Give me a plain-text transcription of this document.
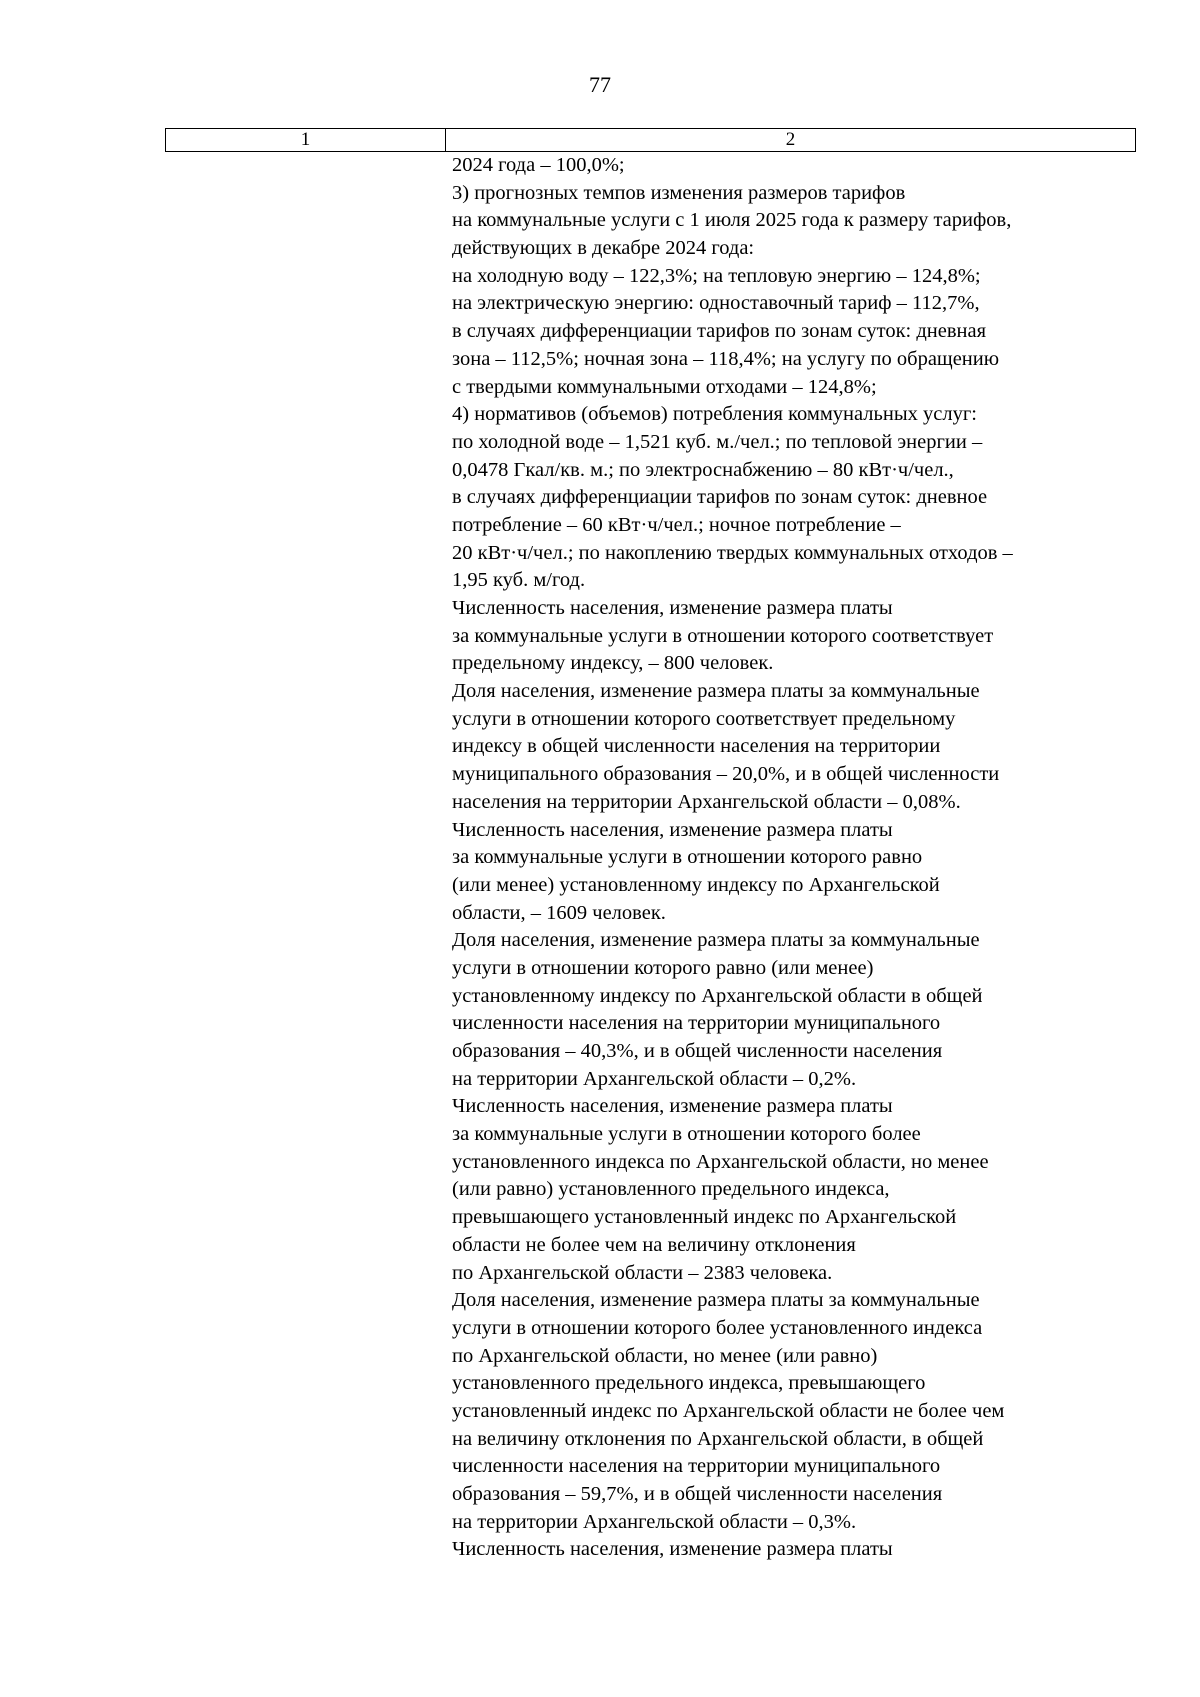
77
1	2
2024 года – 100,0%;
3) прогнозных темпов изменения размеров тарифов
на коммунальные услуги с 1 июля 2025 года к размеру тарифов,
действующих в декабре 2024 года:
на холодную воду – 122,3%; на тепловую энергию – 124,8%;
на электрическую энергию: одноставочный тариф – 112,7%,
в случаях дифференциации тарифов по зонам суток: дневная
зона – 112,5%; ночная зона – 118,4%; на услугу по обращению
с твердыми коммунальными отходами – 124,8%;
4) нормативов (объемов) потребления коммунальных услуг:
по холодной воде – 1,521 куб. м./чел.; по тепловой энергии –
0,0478 Гкал/кв. м.; по электроснабжению – 80 кВт·ч/чел.,
в случаях дифференциации тарифов по зонам суток: дневное
потребление – 60 кВт·ч/чел.; ночное потребление –
20 кВт·ч/чел.; по накоплению твердых коммунальных отходов –
1,95 куб. м/год.
Численность населения, изменение размера платы
за коммунальные услуги в отношении которого соответствует
предельному индексу, – 800 человек.
Доля населения, изменение размера платы за коммунальные
услуги в отношении которого соответствует предельному
индексу в общей численности населения на территории
муниципального образования – 20,0%, и в общей численности
населения на территории Архангельской области – 0,08%.
Численность населения, изменение размера платы
за коммунальные услуги в отношении которого равно
(или менее) установленному индексу по Архангельской
области, – 1609 человек.
Доля населения, изменение размера платы за коммунальные
услуги в отношении которого равно (или менее)
установленному индексу по Архангельской области в общей
численности населения на территории муниципального
образования – 40,3%, и в общей численности населения
на территории Архангельской области – 0,2%.
Численность населения, изменение размера платы
за коммунальные услуги в отношении которого более
установленного индекса по Архангельской области, но менее
(или равно) установленного предельного индекса,
превышающего установленный индекс по Архангельской
области не более чем на величину отклонения
по Архангельской области – 2383 человека.
Доля населения, изменение размера платы за коммунальные
услуги в отношении которого более установленного индекса
по Архангельской области, но менее (или равно)
установленного предельного индекса, превышающего
установленный индекс по Архангельской области не более чем
на величину отклонения по Архангельской области, в общей
численности населения на территории муниципального
образования – 59,7%, и в общей численности населения
на территории Архангельской области – 0,3%.
Численность населения, изменение размера платы
